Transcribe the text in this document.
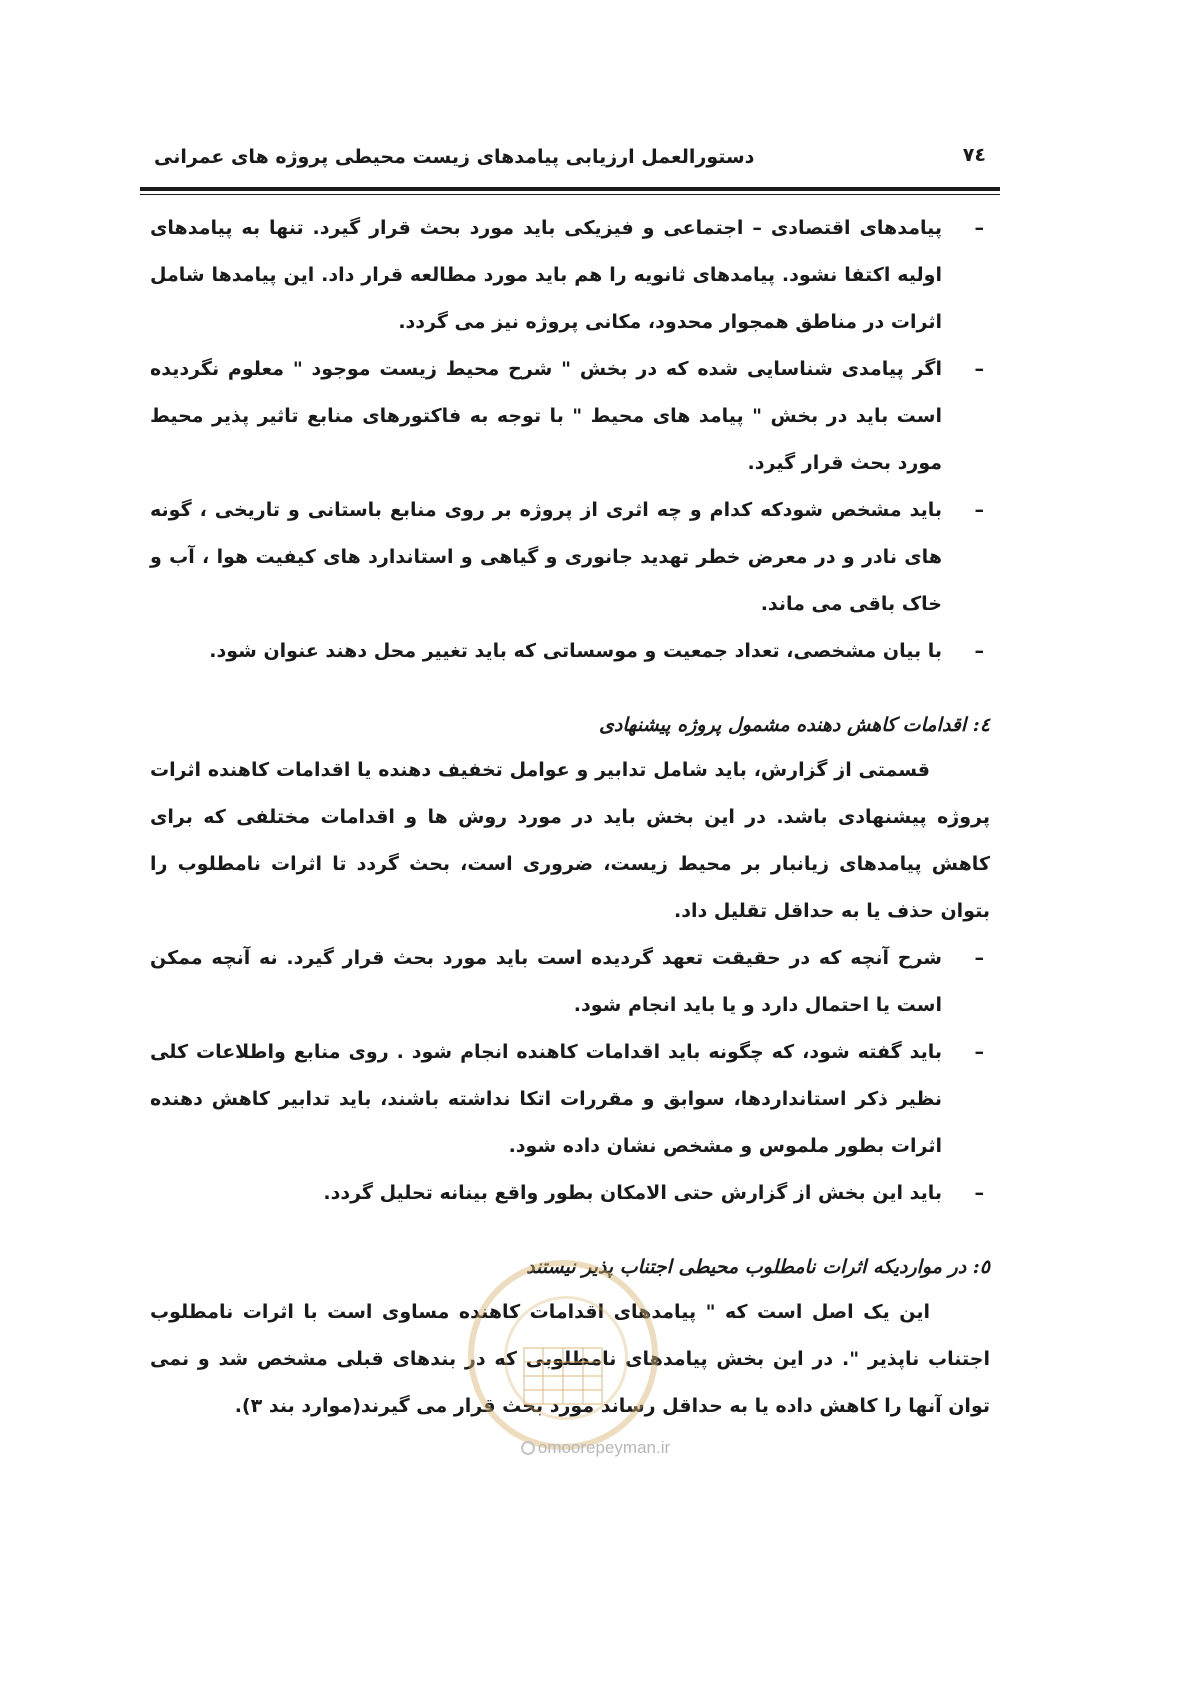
دستورالعمل ارزیابی پیامدهای زیست محیطی پروژه های عمرانی	۷٤
– پیامدهای اقتصادی – اجتماعی و فیزیکی باید مورد بحث قرار گیرد. تنها به پیامدهای اولیه اکتفا نشود. پیامدهای ثانویه را هم باید مورد مطالعه قرار داد. این پیامدها شامل اثرات در مناطق همجوار محدود، مکانی پروژه نیز می گردد.
– اگر پیامدی شناسایی شده که در بخش " شرح محیط زیست موجود " معلوم نگردیده است باید در بخش " پیامد های محیط " با توجه به فاکتورهای منابع تاثیر پذیر محیط مورد بحث قرار گیرد.
– باید مشخص شودکه کدام و چه اثری از پروژه بر روی منابع باستانی و تاریخی ، گونه های نادر و در معرض خطر تهدید جانوری و گیاهی و استاندارد های کیفیت هوا ، آب و خاک باقی می ماند.
– با بیان مشخصی، تعداد جمعیت و موسساتی که باید تغییر محل دهند عنوان شود.
٤: اقدامات کاهش دهنده مشمول پروژه پیشنهادی

قسمتی از گزارش، باید شامل تدابیر و عوامل تخفیف دهنده یا اقدامات کاهنده اثرات پروژه پیشنهادی باشد. در این بخش باید در مورد روش ها و اقدامات مختلفی که برای کاهش پیامدهای زیانبار بر محیط زیست، ضروری است، بحث گردد تا اثرات نامطلوب را بتوان حذف یا به حداقل تقلیل داد.

– شرح آنچه که در حقیقت تعهد گردیده است باید مورد بحث قرار گیرد. نه آنچه ممکن است یا احتمال دارد و یا باید انجام شود.
– باید گفته شود، که چگونه باید اقدامات کاهنده انجام شود . روی منابع واطلاعات کلی نظیر ذکر استانداردها، سوابق و مقررات اتکا نداشته باشند، باید تدابیر کاهش دهنده اثرات بطور ملموس و مشخص نشان داده شود.
– باید این بخش از گزارش حتی الامکان بطور واقع بینانه تحلیل گردد.
٥: در مواردیکه اثرات نامطلوب محیطی اجتناب پذیر نیستند

این یک اصل است که " پیامدهای اقدامات کاهنده مساوی است با اثرات نامطلوب اجتناب ناپذیر ". در این بخش پیامدهای نامطلوبی که در بندهای قبلی مشخص شد و نمی توان آنها را کاهش داده یا به حداقل رساند مورد بحث قرار می گیرند(موارد بند ۳).

omoorepeyman.ir
